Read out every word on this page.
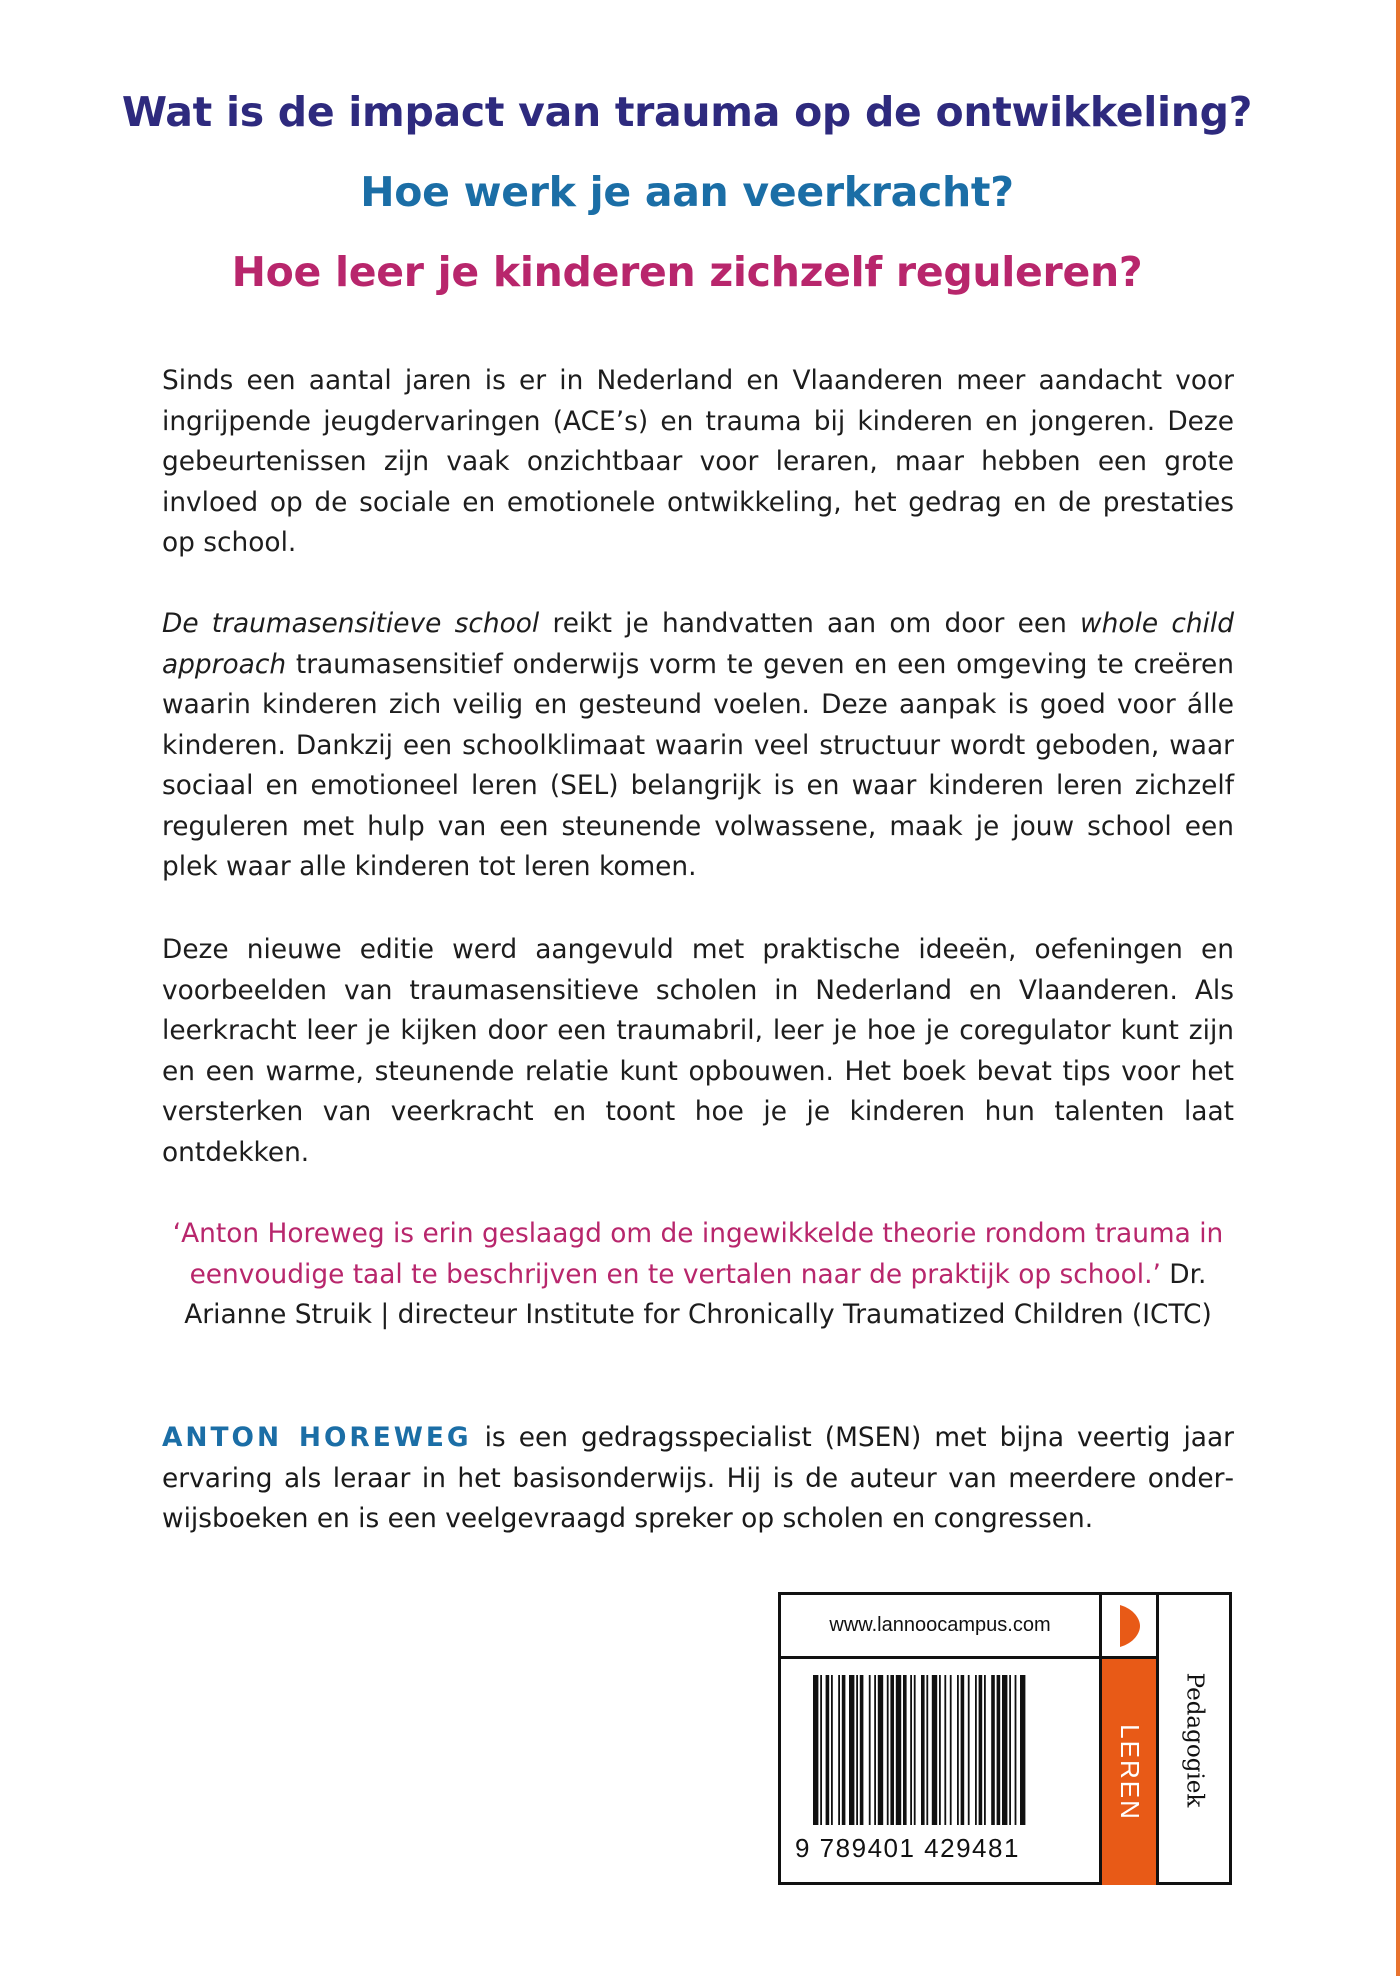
Wat is de impact van trauma op de ontwikkeling?
Hoe werk je aan veerkracht?
Hoe leer je kinderen zichzelf reguleren?

Sinds een aantal jaren is er in Nederland en Vlaanderen meer aandacht voor ingrijpende jeugdervaringen (ACE’s) en trauma bij kinderen en jongeren. Deze gebeurtenissen zijn vaak onzichtbaar voor leraren, maar hebben een grote invloed op de sociale en emotionele ontwikkeling, het gedrag en de prestaties op school.

De traumasensitieve school reikt je handvatten aan om door een whole child approach traumasensitief onderwijs vorm te geven en een omgeving te creëren waarin kinderen zich veilig en gesteund voelen. Deze aanpak is goed voor álle kinderen. Dankzij een schoolklimaat waarin veel structuur wordt geboden, waar sociaal en emotioneel leren (SEL) belangrijk is en waar kinderen leren zichzelf reguleren met hulp van een steunende volwassene, maak je jouw school een plek waar alle kinderen tot leren komen.

Deze nieuwe editie werd aangevuld met praktische ideeën, oefeningen en voorbeelden van traumasensitieve scholen in Nederland en Vlaanderen. Als leerkracht leer je kijken door een traumabril, leer je hoe je coregulator kunt zijn en een warme, steunende relatie kunt opbouwen. Het boek bevat tips voor het versterken van veerkracht en toont hoe je je kinderen hun talenten laat ontdekken.

‘Anton Horeweg is erin geslaagd om de ingewikkelde theorie rondom trauma in eenvoudige taal te beschrijven en te vertalen naar de praktijk op school.’ Dr. Arianne Struik | directeur Institute for Chronically Traumatized Children (ICTC)

ANTON HOREWEG is een gedragsspecialist (MSEN) met bijna veertig jaar ervaring als leraar in het basisonderwijs. Hij is de auteur van meerdere onderwijsboeken en is een veelgevraagd spreker op scholen en congressen.

www.lannoocampus.com
LEREN Pedagogiek
9 789401 429481
